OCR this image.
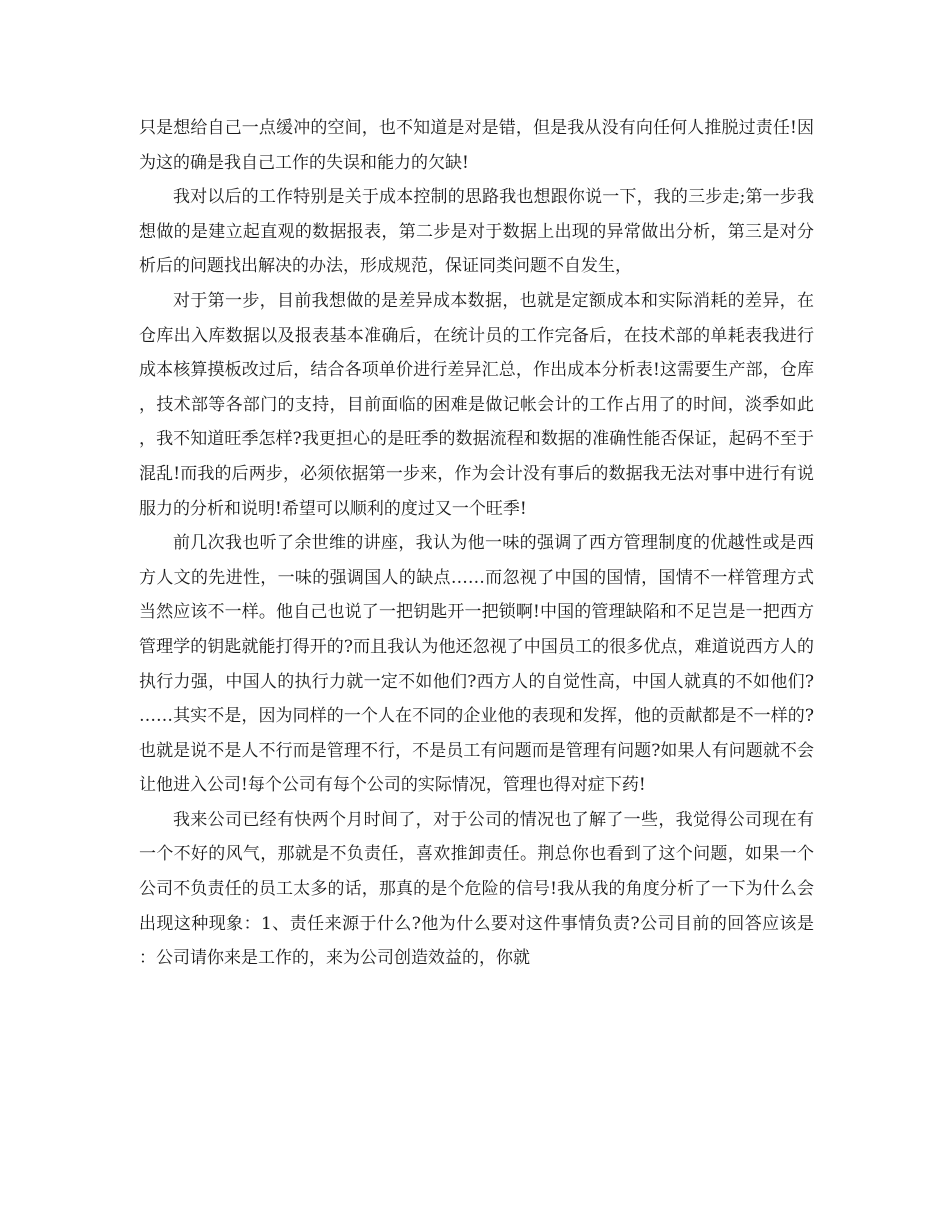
只是想给自己一点缓冲的空间，也不知道是对是错，但是我从没有向任何人推脱过责任!因为这的确是我自己工作的失误和能力的欠缺!

我对以后的工作特别是关于成本控制的思路我也想跟你说一下，我的三步走;第一步我想做的是建立起直观的数据报表，第二步是对于数据上出现的异常做出分析，第三是对分析后的问题找出解决的办法，形成规范，保证同类问题不自发生，

对于第一步，目前我想做的是差异成本数据，也就是定额成本和实际消耗的差异，在仓库出入库数据以及报表基本准确后，在统计员的工作完备后，在技术部的单耗表我进行成本核算摸板改过后，结合各项单价进行差异汇总，作出成本分析表!这需要生产部，仓库，技术部等各部门的支持，目前面临的困难是做记帐会计的工作占用了的时间，淡季如此，我不知道旺季怎样?我更担心的是旺季的数据流程和数据的准确性能否保证，起码不至于混乱!而我的后两步，必须依据第一步来，作为会计没有事后的数据我无法对事中进行有说服力的分析和说明!希望可以顺利的度过又一个旺季!

前几次我也听了余世维的讲座，我认为他一味的强调了西方管理制度的优越性或是西方人文的先进性，一味的强调国人的缺点……而忽视了中国的国情，国情不一样管理方式当然应该不一样。他自己也说了一把钥匙开一把锁啊!中国的管理缺陷和不足岂是一把西方管理学的钥匙就能打得开的?而且我认为他还忽视了中国员工的很多优点，难道说西方人的执行力强，中国人的执行力就一定不如他们?西方人的自觉性高，中国人就真的不如他们?……其实不是，因为同样的一个人在不同的企业他的表现和发挥，他的贡献都是不一样的?也就是说不是人不行而是管理不行，不是员工有问题而是管理有问题?如果人有问题就不会让他进入公司!每个公司有每个公司的实际情况，管理也得对症下药!

我来公司已经有快两个月时间了，对于公司的情况也了解了一些，我觉得公司现在有一个不好的风气，那就是不负责任，喜欢推卸责任。荆总你也看到了这个问题，如果一个公司不负责任的员工太多的话，那真的是个危险的信号!我从我的角度分析了一下为什么会出现这种现象：1、责任来源于什么?他为什么要对这件事情负责?公司目前的回答应该是：公司请你来是工作的，来为公司创造效益的，你就
